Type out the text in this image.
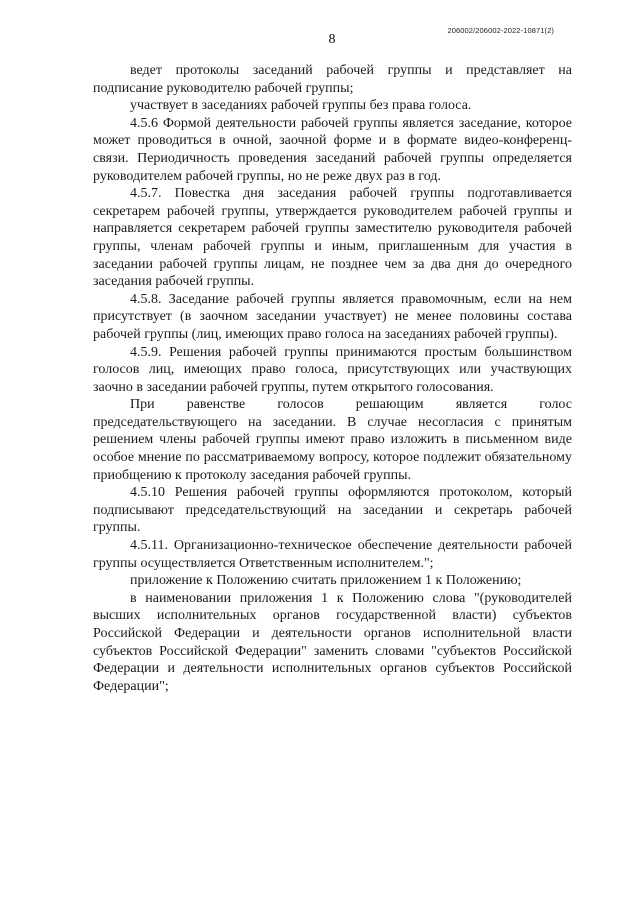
206002/206002-2022-10871(2)
8

ведет протоколы заседаний рабочей группы и представляет на подписание руководителю рабочей группы;

участвует в заседаниях рабочей группы без права голоса.

4.5.6 Формой деятельности рабочей группы является заседание, которое может проводиться в очной, заочной форме и в формате видео-конференц-связи. Периодичность проведения заседаний рабочей группы определяется руководителем рабочей группы, но не реже двух раз в год.

4.5.7. Повестка дня заседания рабочей группы подготавливается секретарем рабочей группы, утверждается руководителем рабочей группы и направляется секретарем рабочей группы заместителю руководителя рабочей группы, членам рабочей группы и иным, приглашенным для участия в заседании рабочей группы лицам, не позднее чем за два дня до очередного заседания рабочей группы.

4.5.8. Заседание рабочей группы является правомочным, если на нем присутствует (в заочном заседании участвует) не менее половины состава рабочей группы (лиц, имеющих право голоса на заседаниях рабочей группы).

4.5.9. Решения рабочей группы принимаются простым большинством голосов лиц, имеющих право голоса, присутствующих или участвующих заочно в заседании рабочей группы, путем открытого голосования.

При равенстве голосов решающим является голос председательствующего на заседании. В случае несогласия с принятым решением члены рабочей группы имеют право изложить в письменном виде особое мнение по рассматриваемому вопросу, которое подлежит обязательному приобщению к протоколу заседания рабочей группы.

4.5.10 Решения рабочей группы оформляются протоколом, который подписывают председательствующий на заседании и секретарь рабочей группы.

4.5.11. Организационно-техническое обеспечение деятельности рабочей группы осуществляется Ответственным исполнителем.";

приложение к Положению считать приложением 1 к Положению;

в наименовании приложения 1 к Положению слова "(руководителей высших исполнительных органов государственной власти) субъектов Российской Федерации и деятельности органов исполнительной власти субъектов Российской Федерации" заменить словами "субъектов Российской Федерации и деятельности исполнительных органов субъектов Российской Федерации";
